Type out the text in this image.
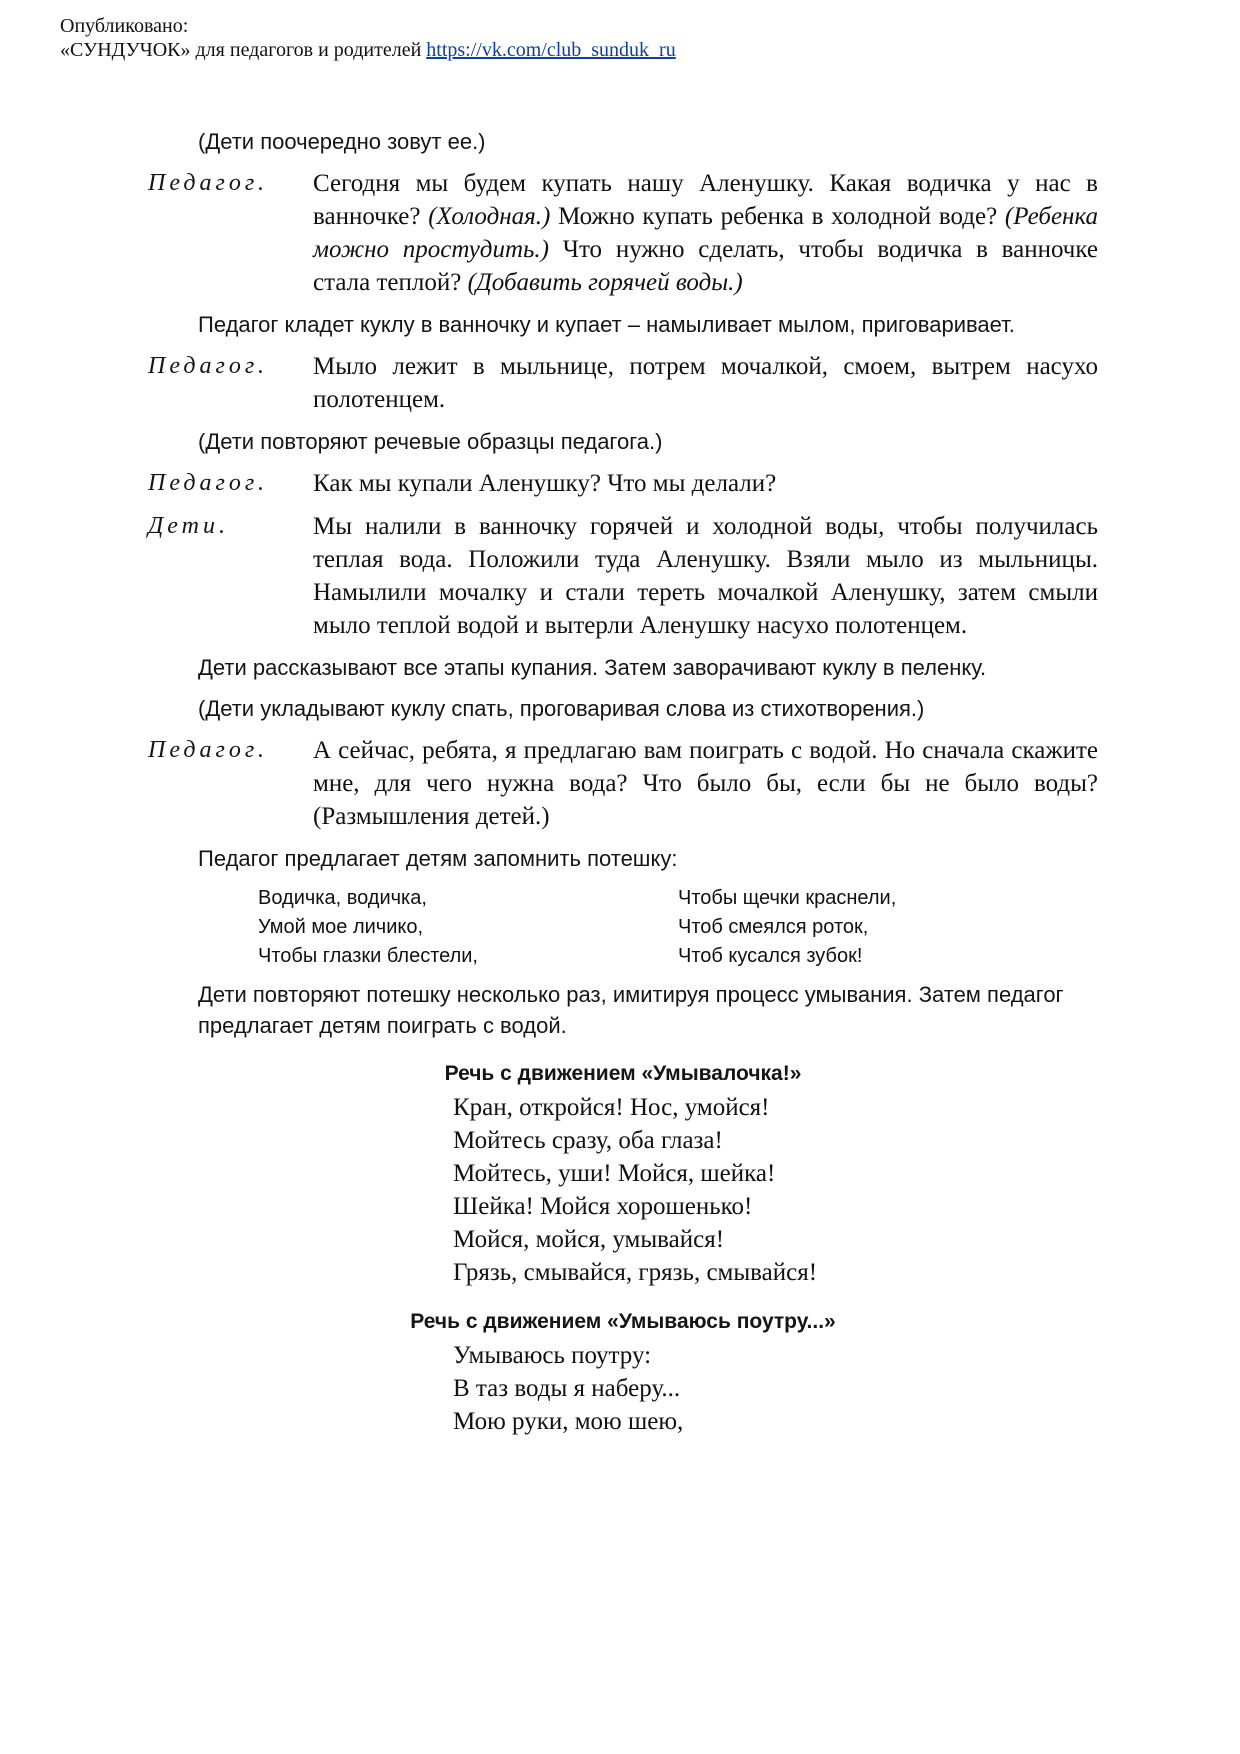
Опубликовано:
«СУНДУЧОК» для педагогов и родителей https://vk.com/club_sunduk_ru
(Дети поочередно зовут ее.)
Педагог.	Сегодня мы будем купать нашу Аленушку. Какая водичка у нас в ванночке? (Холодная.) Можно купать ребенка в холодной воде? (Ребенка можно простудить.) Что нужно сделать, чтобы водичка в ванночке стала теплой? (Добавить горячей воды.)
Педагог кладет куклу в ванночку и купает – намыливает мылом, приговаривает.
Педагог.	Мыло лежит в мыльнице, потрем мочалкой, смоем, вытрем насухо полотенцем.
(Дети повторяют речевые образцы педагога.)
Педагог.	Как мы купали Аленушку? Что мы делали?
Дети.	Мы налили в ванночку горячей и холодной воды, чтобы получилась теплая вода. Положили туда Аленушку. Взяли мыло из мыльницы. Намылили мочалку и стали тереть мочалкой Аленушку, затем смыли мыло теплой водой и вытерли Аленушку насухо полотенцем.
Дети рассказывают все этапы купания. Затем заворачивают куклу в пеленку.
(Дети укладывают куклу спать, проговаривая слова из стихотворения.)
Педагог.	А сейчас, ребята, я предлагаю вам поиграть с водой. Но сначала скажите мне, для чего нужна вода? Что было бы, если бы не было воды? (Размышления детей.)
Педагог предлагает детям запомнить потешку:
Водичка, водичка,
Умой мое личико,
Чтобы глазки блестели,
Чтобы щечки краснели,
Чтоб смеялся роток,
Чтоб кусался зубок!
Дети повторяют потешку несколько раз, имитируя процесс умывания. Затем педагог предлагает детям поиграть с водой.
Речь с движением «Умывалочка!»
Кран, откройся! Нос, умойся!
Мойтесь сразу, оба глаза!
Мойтесь, уши! Мойся, шейка!
Шейка! Мойся хорошенько!
Мойся, мойся, умывайся!
Грязь, смывайся, грязь, смывайся!
Речь с движением «Умываюсь поутру...»
Умываюсь поутру:
В таз воды я наберу...
Мою руки, мою шею,
